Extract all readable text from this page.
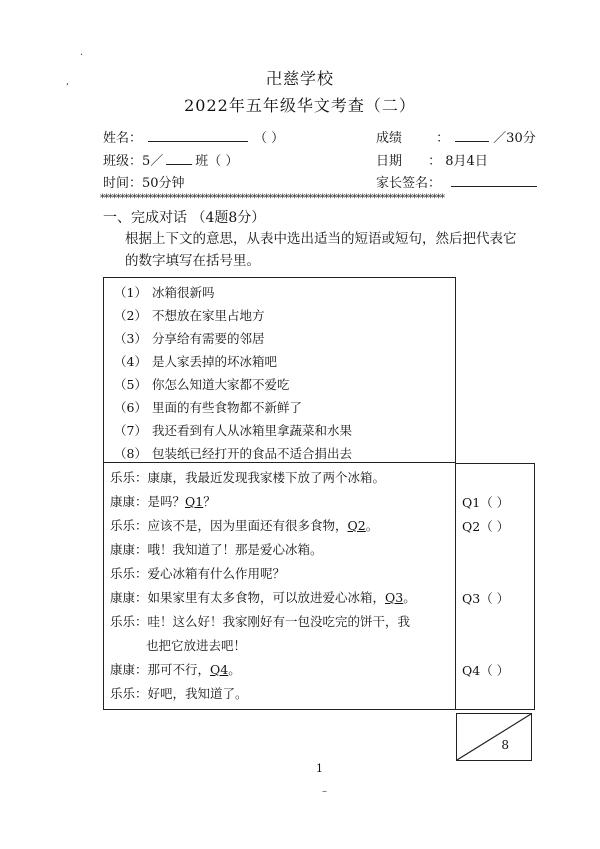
卍慈学校
2022年五年级华文考查（二）
姓名：	（ ）	成绩	：	／30分
班级：5／ 班（ ）	日期 ： 8月4日
时间：50分钟	家长签名：
**************************************************************************************
一、完成对话 （4题8分）
根据上下文的意思，从表中选出适当的短语或短句，然后把代表它的数字填写在括号里。
（1） 冰箱很新吗
（2） 不想放在家里占地方
（3） 分享给有需要的邻居
（4） 是人家丢掉的坏冰箱吧
（5） 你怎么知道大家都不爱吃
（6） 里面的有些食物都不新鲜了
（7） 我还看到有人从冰箱里拿蔬菜和水果
（8） 包装纸已经打开的食品不适合捐出去
乐乐：康康，我最近发现我家楼下放了两个冰箱。
康康：是吗？Q1？
乐乐：应该不是，因为里面还有很多食物，Q2。
康康：哦！我知道了！那是爱心冰箱。
乐乐：爱心冰箱有什么作用呢？
康康：如果家里有太多食物，可以放进爱心冰箱，Q3。
乐乐：哇！这么好！我家刚好有一包没吃完的饼干，我
也把它放进去吧！
康康：那可不行，Q4。
乐乐：好吧，我知道了。
Q1（ ）
Q2（ ）
Q3（ ）
Q4（ ）
8
1
·
,
–
